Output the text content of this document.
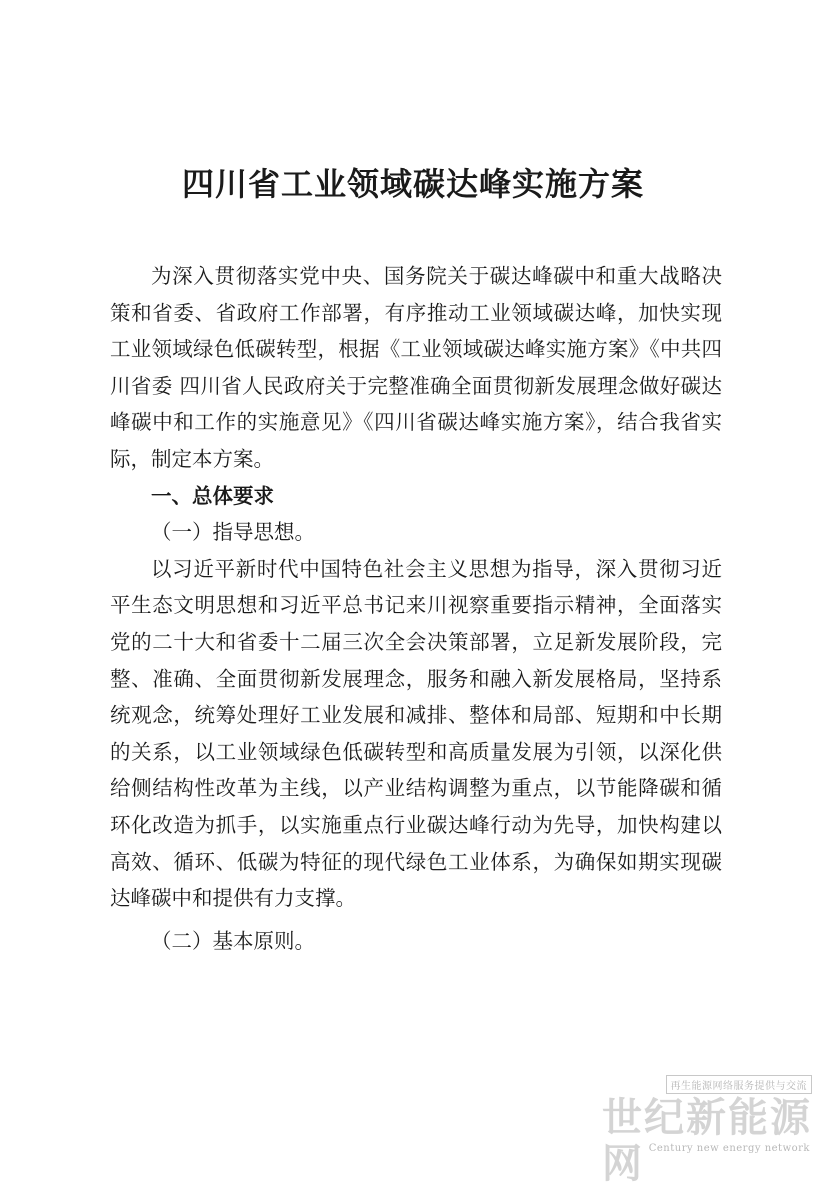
四川省工业领域碳达峰实施方案

为深入贯彻落实党中央、国务院关于碳达峰碳中和重大战略决策和省委、省政府工作部署，有序推动工业领域碳达峰，加快实现工业领域绿色低碳转型，根据《工业领域碳达峰实施方案》《中共四川省委 四川省人民政府关于完整准确全面贯彻新发展理念做好碳达峰碳中和工作的实施意见》《四川省碳达峰实施方案》，结合我省实际，制定本方案。

一、总体要求

（一）指导思想。

以习近平新时代中国特色社会主义思想为指导，深入贯彻习近平生态文明思想和习近平总书记来川视察重要指示精神，全面落实党的二十大和省委十二届三次全会决策部署，立足新发展阶段，完整、准确、全面贯彻新发展理念，服务和融入新发展格局，坚持系统观念，统筹处理好工业发展和减排、整体和局部、短期和中长期的关系，以工业领域绿色低碳转型和高质量发展为引领，以深化供给侧结构性改革为主线，以产业结构调整为重点，以节能降碳和循环化改造为抓手，以实施重点行业碳达峰行动为先导，加快构建以高效、循环、低碳为特征的现代绿色工业体系，为确保如期实现碳达峰碳中和提供有力支撑。

（二）基本原则。

再生能源网络服务提供与交流
世纪新能源网 Century new energy network
